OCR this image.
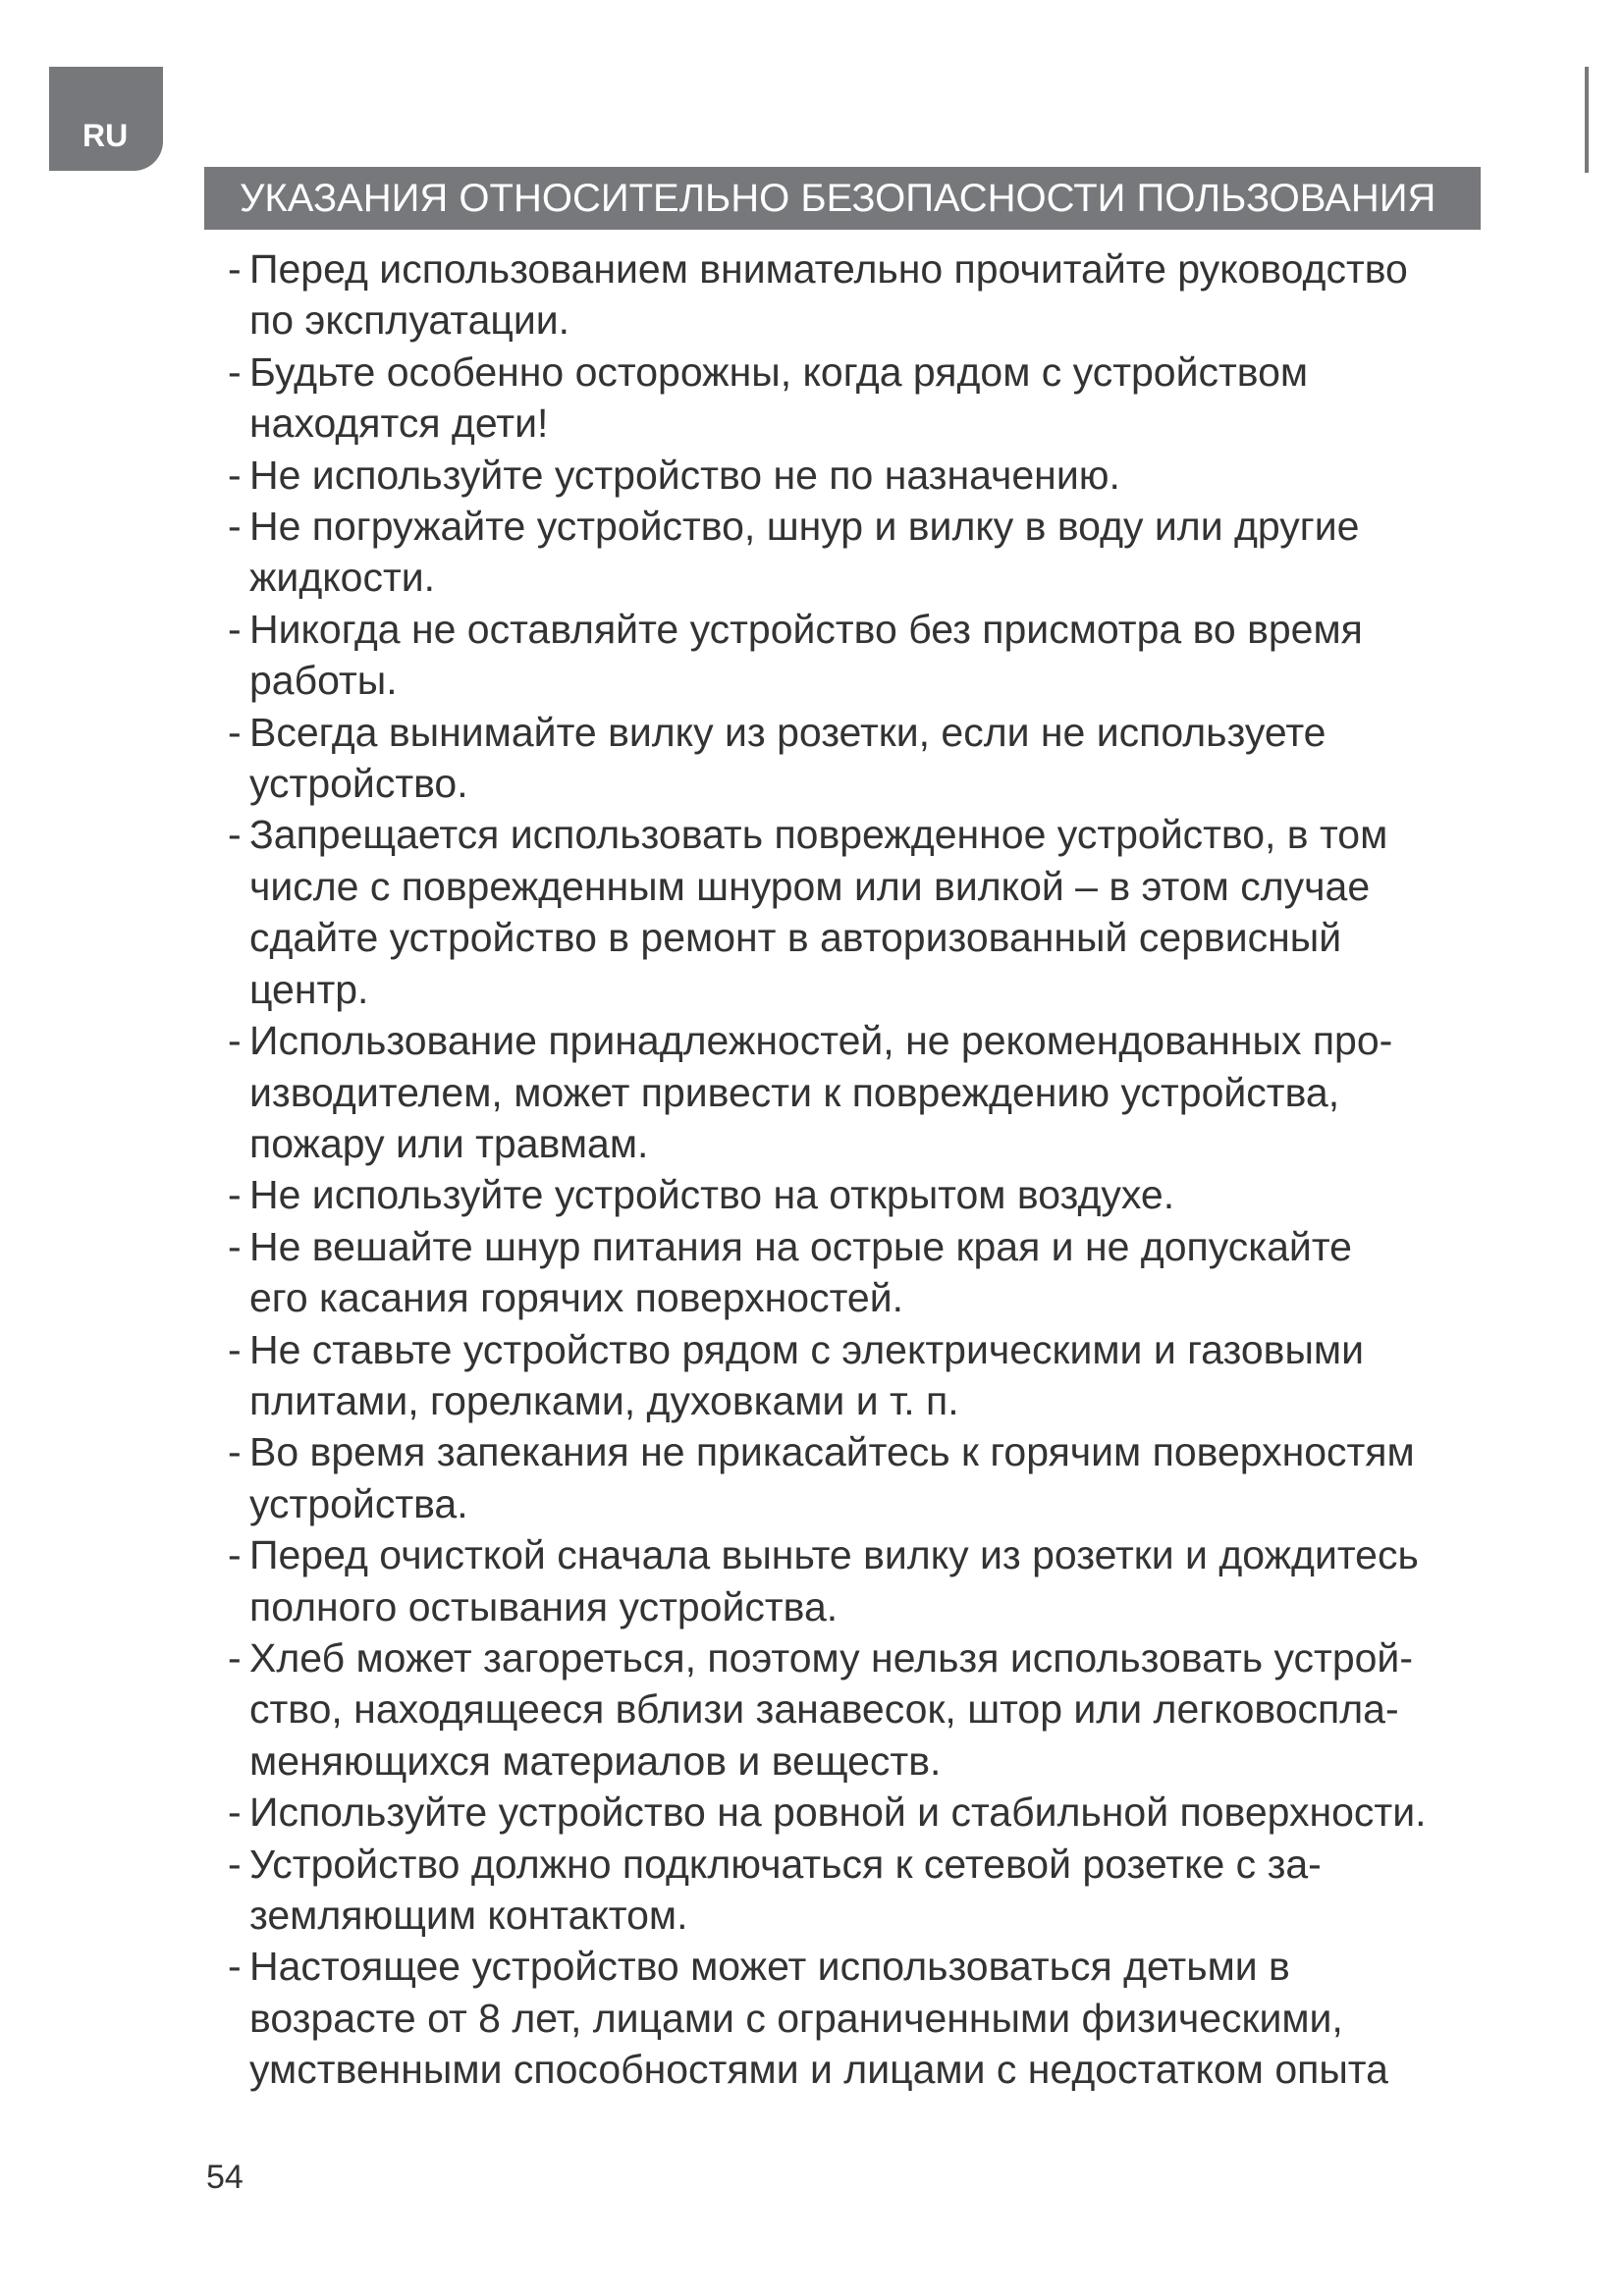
RU
УКАЗАНИЯ ОТНОСИТЕЛЬНО БЕЗОПАСНОСТИ ПОЛЬЗОВАНИЯ
- Перед использованием внимательно прочитайте руководство
по эксплуатации.
- Будьте особенно осторожны, когда рядом с устройством
находятся дети!
- Не используйте устройство не по назначению.
- Не погружайте устройство, шнур и вилку в воду или другие
жидкости.
- Никогда не оставляйте устройство без присмотра во время
работы.
- Всегда вынимайте вилку из розетки, если не используете
устройство.
- Запрещается использовать поврежденное устройство, в том
числе с поврежденным шнуром или вилкой – в этом случае
сдайте устройство в ремонт в авторизованный сервисный
центр.
- Использование принадлежностей, не рекомендованных про-
изводителем, может привести к повреждению устройства,
пожару или травмам.
- Не используйте устройство на открытом воздухе.
- Не вешайте шнур питания на острые края и не допускайте
его касания горячих поверхностей.
- Не ставьте устройство рядом с электрическими и газовыми
плитами, горелками, духовками и т. п.
- Во время запекания не прикасайтесь к горячим поверхностям
устройства.
- Перед очисткой сначала выньте вилку из розетки и дождитесь
полного остывания устройства.
- Хлеб может загореться, поэтому нельзя использовать устрой-
ство, находящееся вблизи занавесок, штор или легковоспла-
меняющихся материалов и веществ.
- Используйте устройство на ровной и стабильной поверхности.
- Устройство должно подключаться к сетевой розетке с за-
земляющим контактом.
- Настоящее устройство может использоваться детьми в
возрасте от 8 лет, лицами с ограниченными физическими,
умственными способностями и лицами с недостатком опыта
54
